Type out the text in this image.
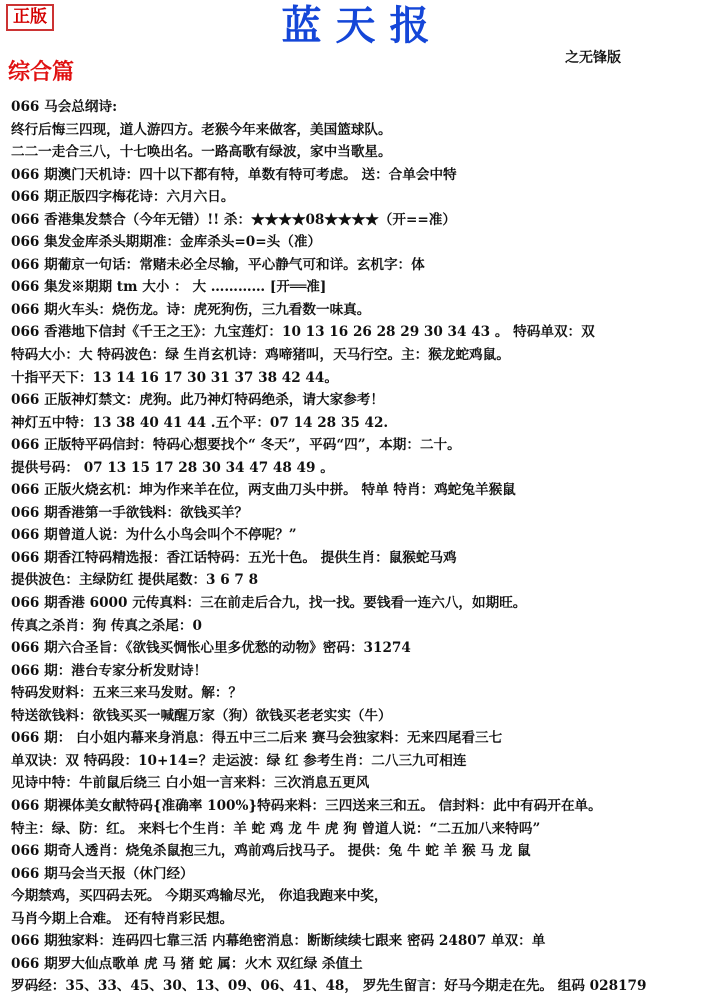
正版	蓝天报
之无锋版
综合篇
066 马会总纲诗:
终行后悔三四现，道人游四方。老猴今年来做客，美国篮球队。
二二一走合三八，十七唤出名。一路高歌有绿波，家中当歌星。
066 期澳门天机诗：四十以下都有特，单数有特可考虑。 送：合单会中特
066 期正版四字梅花诗：六月六日。
066 香港集发禁合（今年无错）!! 杀：★★★★08★★★★（开==准）
066 集发金库杀头期期准：金库杀头=0=头（准）
066 期葡京一句话：常赌未必全尽输，平心静气可和详。玄机字：体
066 集发※期期 tm 大小 ： 大 ………… [开══准]
066 期火车头：烧伤龙。诗：虎死狗伤，三九看数一味真。
066 香港地下信封《千王之王》：九宝莲灯：10 13 16 26 28 29 30 34 43 。 特码单双：双
特码大小：大 特码波色：绿 生肖玄机诗：鸡啼猪叫，天马行空。主：猴龙蛇鸡鼠。
十指平天下：13 14 16 17 30 31 37 38 42 44。
066 正版神灯禁文：虎狗。此乃神灯特码绝杀，请大家参考！
神灯五中特：13 38 40 41 44 .五个平：07 14 28 35 42.
066 正版特平码信封：特码心想要找个“ 冬天”，平码“四”，本期：二十。
提供号码： 07 13 15 17 28 30 34 47 48 49 。
066 正版火烧玄机：坤为作来羊在位，两支曲刀头中拼。 特单 特肖：鸡蛇兔羊猴鼠
066 期香港第一手欲钱料：欲钱买羊？
066 期曾道人说：为什么小鸟会叫个不停呢？”
066 期香江特码精选报：香江话特码：五光十色。 提供生肖：鼠猴蛇马鸡
提供波色：主绿防红 提供尾数：3 6 7 8
066 期香港 6000 元传真料：三在前走后合九，找一找。要钱看一连六八，如期旺。
传真之杀肖：狗 传真之杀尾：0
066 期六合圣旨：《欲钱买惆怅心里多优愁的动物》密码：31274
066 期：港台专家分析发财诗！
特码发财料：五来三来马发财。解：？
特送欲钱料：欲钱买买一喊醒万家（狗）欲钱买老老实实（牛）
066 期： 白小姐内幕来身消息：得五中三二后来 赛马会独家料：无来四尾看三七
单双诀：双 特码段：10+14=？走运波：绿 红 参考生肖：二八三九可相连
见诗中特：牛前鼠后绕三 白小姐一言来料：三次消息五更风
066 期裸体美女献特码{准确率 100%}特码来料：三四送来三和五。 信封料：此中有码开在单。
特主：绿、防：红。 来料七个生肖：羊 蛇 鸡 龙 牛 虎 狗 曾道人说：“二五加八来特吗”
066 期奇人透肖：烧兔杀鼠抱三九，鸡前鸡后找马子。 提供：兔 牛 蛇 羊 猴 马 龙 鼠
066 期马会当天报（休门经）
今期禁鸡，买四码去死。 今期买鸡输尽光， 你追我跑来中奖，
马肖今期上合难。 还有特肖彩民想。
066 期独家料：连码四七靠三活 内幕绝密消息：断断续续七跟来 密码 24807 单双：单
066 期罗大仙点歌单 虎 马 猪 蛇 属：火木 双红绿 杀值土
罗码经：35、33、45、30、13、09、06、41、48， 罗先生留言：好马今期走在先。 组码 028179
